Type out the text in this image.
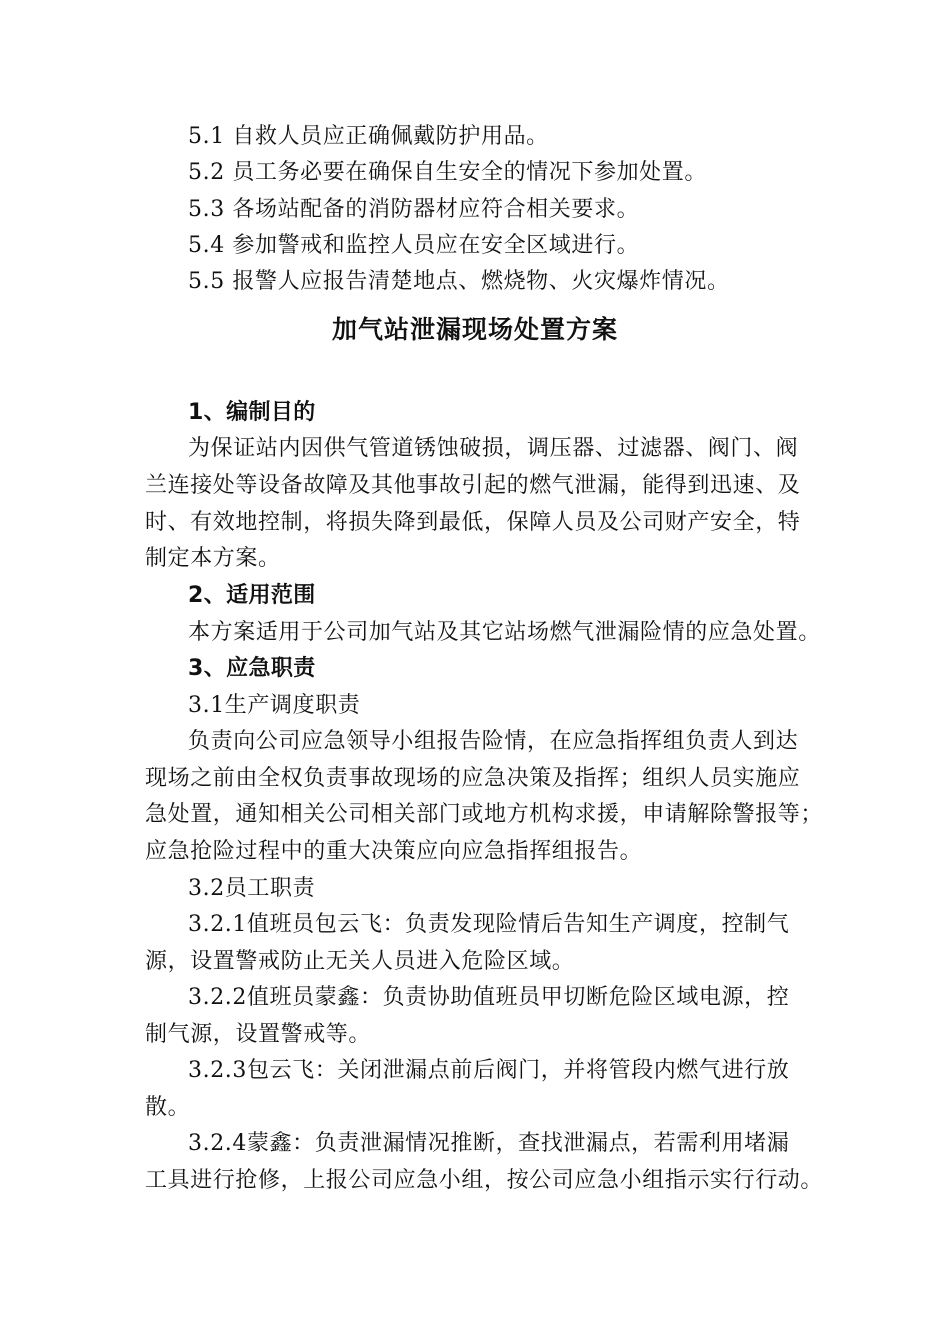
5.1 自救人员应正确佩戴防护用品。
5.2 员工务必要在确保自生安全的情况下参加处置。
5.3 各场站配备的消防器材应符合相关要求。
5.4 参加警戒和监控人员应在安全区域进行。
5.5 报警人应报告清楚地点、燃烧物、火灾爆炸情况。
加气站泄漏现场处置方案
1、编制目的
为保证站内因供气管道锈蚀破损，调压器、过滤器、阀门、阀
兰连接处等设备故障及其他事故引起的燃气泄漏，能得到迅速、及
时、有效地控制，将损失降到最低，保障人员及公司财产安全，特
制定本方案。
2、适用范围
本方案适用于公司加气站及其它站场燃气泄漏险情的应急处置。
3、应急职责
3.1生产调度职责
负责向公司应急领导小组报告险情，在应急指挥组负责人到达
现场之前由全权负责事故现场的应急决策及指挥；组织人员实施应
急处置，通知相关公司相关部门或地方机构求援，申请解除警报等；
应急抢险过程中的重大决策应向应急指挥组报告。
3.2员工职责
3.2.1值班员包云飞：负责发现险情后告知生产调度，控制气
源，设置警戒防止无关人员进入危险区域。
3.2.2值班员蒙鑫：负责协助值班员甲切断危险区域电源，控
制气源，设置警戒等。
3.2.3包云飞：关闭泄漏点前后阀门，并将管段内燃气进行放
散。
3.2.4蒙鑫：负责泄漏情况推断，查找泄漏点，若需利用堵漏
工具进行抢修，上报公司应急小组，按公司应急小组指示实行行动。
